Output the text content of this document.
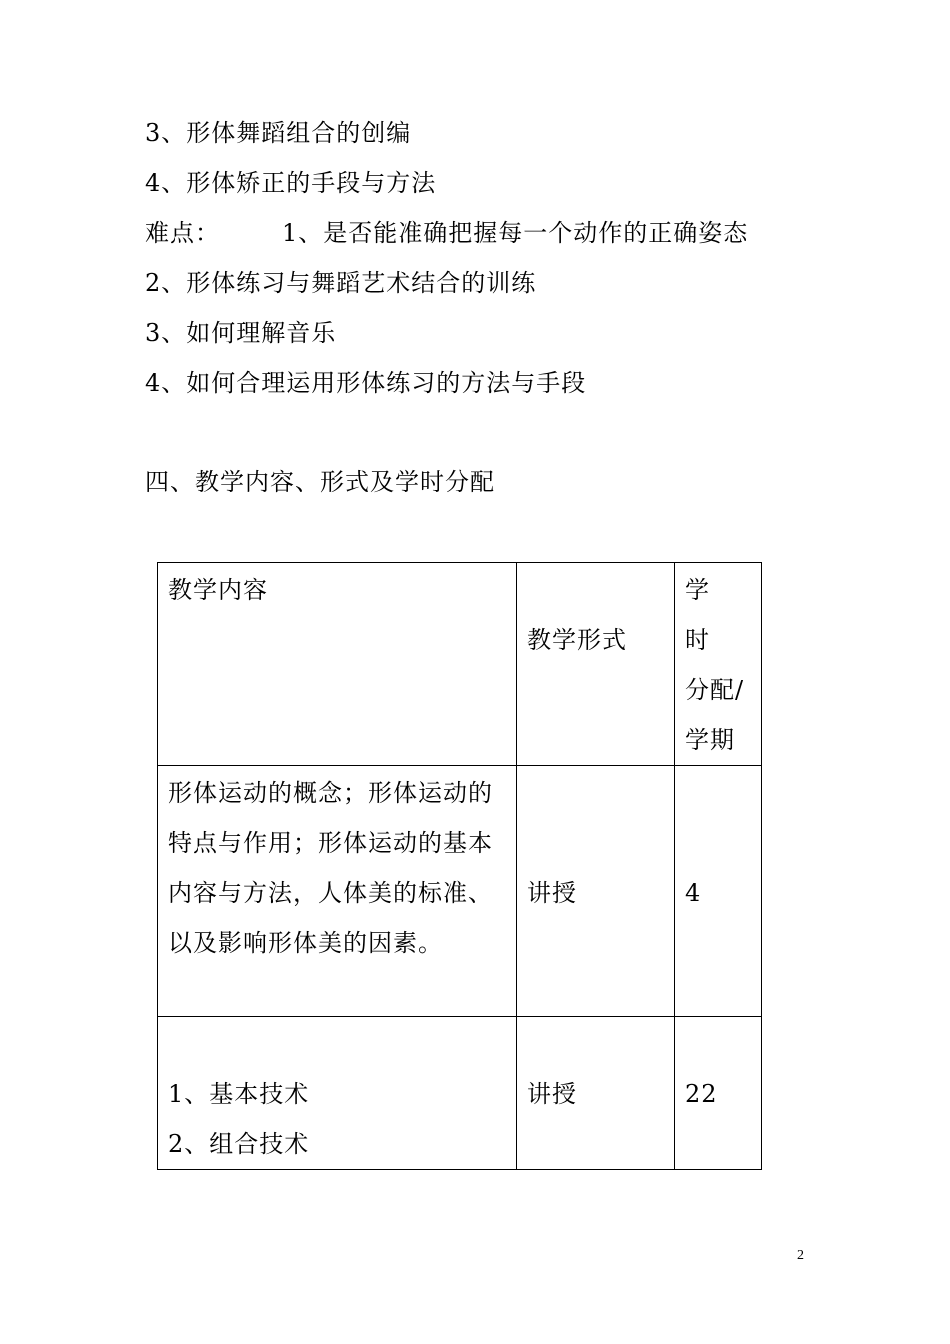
3、形体舞蹈组合的创编
4、形体矫正的手段与方法
难点：	1、是否能准确把握每一个动作的正确姿态
2、形体练习与舞蹈艺术结合的训练
3、如何理解音乐
4、如何合理运用形体练习的方法与手段
四、教学内容、形式及学时分配
教学内容	教学形式	学　时
分配/
学期

形体运动的概念；形体运动的特点与作用；形体运动的基本内容与方法，人体美的标准、以及影响形体美的因素。	讲授	4

1、基本技术
2、组合技术	讲授	22
2
